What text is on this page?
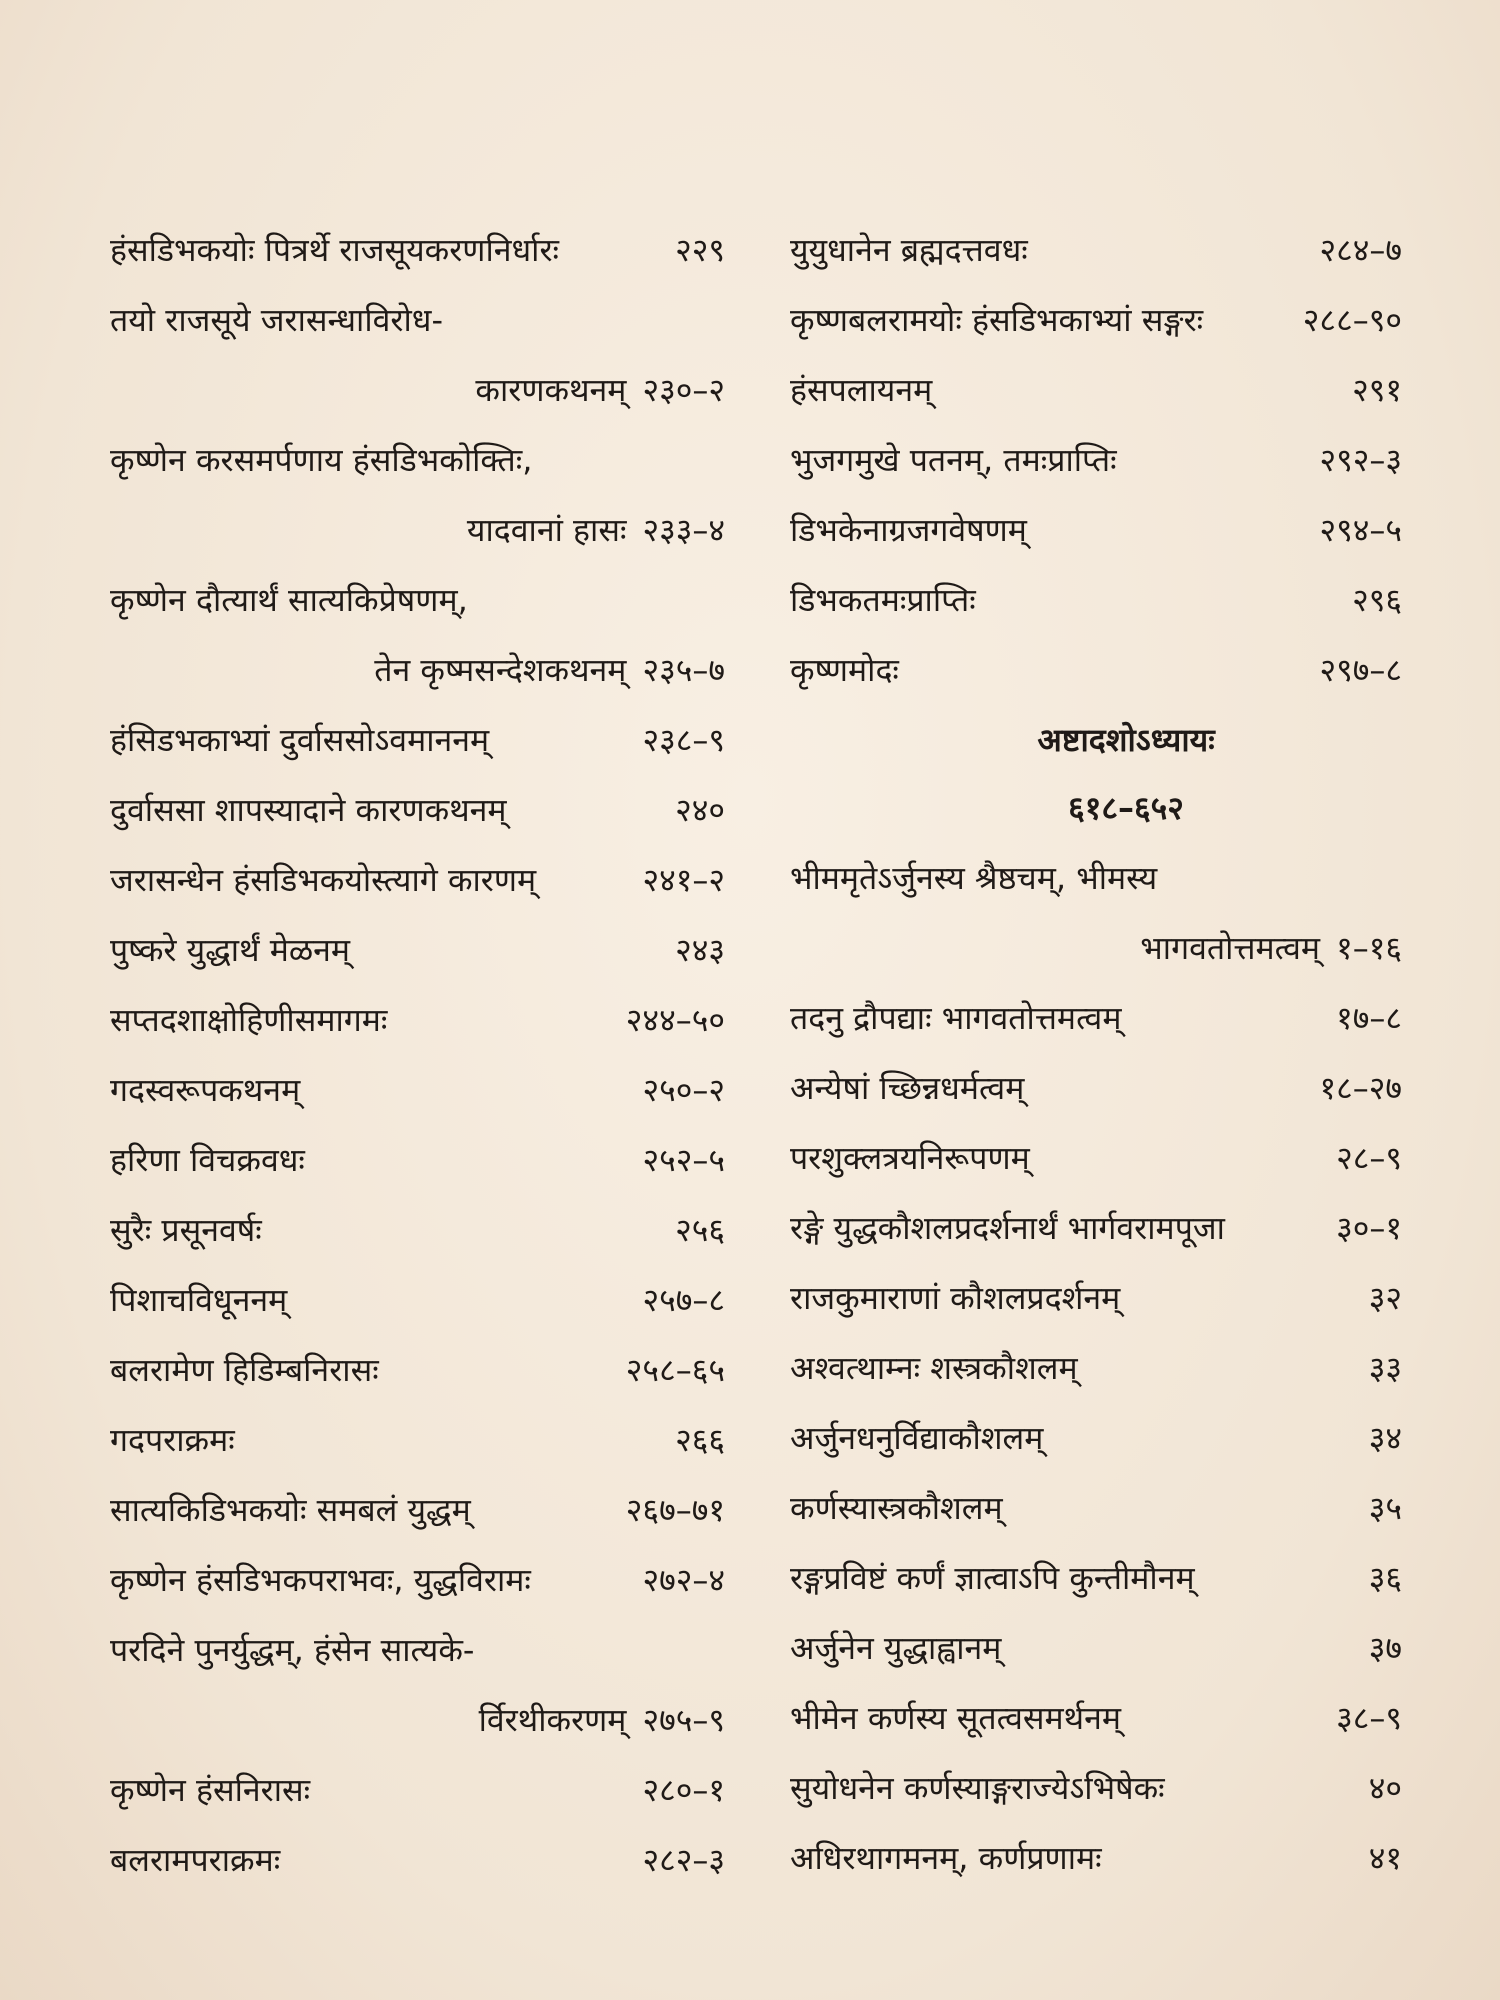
हंसडिभकयोः पित्रर्थे राजसूयकरणनिर्धारः	२२९
तयो राजसूये जरासन्धाविरोध-
कारणकथनम् २३०–२
कृष्णेन करसमर्पणाय हंसडिभकोक्तिः,
यादवानां हासः २३३–४
कृष्णेन दौत्यार्थं सात्यकिप्रेषणम्,
तेन कृष्मसन्देशकथनम् २३५–७
हंसिडभकाभ्यां दुर्वाससोऽवमाननम्	२३८–९
दुर्वाससा शापस्यादाने कारणकथनम्	२४०
जरासन्धेन हंसडिभकयोस्त्यागे कारणम्	२४१–२
पुष्करे युद्धार्थं मेळनम्	२४३
सप्तदशाक्षोहिणीसमागमः	२४४–५०
गदस्वरूपकथनम्	२५०–२
हरिणा विचक्रवधः	२५२–५
सुरैः प्रसूनवर्षः	२५६
पिशाचविधूननम्	२५७–८
बलरामेण हिडिम्बनिरासः	२५८–६५
गदपराक्रमः	२६६
सात्यकिडिभकयोः समबलं युद्धम्	२६७–७१
कृष्णेन हंसडिभकपराभवः, युद्धविरामः	२७२–४
परदिने पुनर्युद्धम्, हंसेन सात्यके-
र्विरथीकरणम् २७५–९
कृष्णेन हंसनिरासः	२८०–१
बलरामपराक्रमः	२८२–३
युयुधानेन ब्रह्मदत्तवधः	२८४–७
कृष्णबलरामयोः हंसडिभकाभ्यां सङ्गरः	२८८–९०
हंसपलायनम्	२९१
भुजगमुखे पतनम्, तमःप्राप्तिः	२९२–३
डिभकेनाग्रजगवेषणम्	२९४–५
डिभकतमःप्राप्तिः	२९६
कृष्णमोदः	२९७–८
अष्टादशोऽध्यायः
६१८–६५२
भीममृतेऽर्जुनस्य श्रैष्ठचम्, भीमस्य
भागवतोत्तमत्वम् १–१६
तदनु द्रौपद्याः भागवतोत्तमत्वम्	१७–८
अन्येषां च्छिन्नधर्मत्वम्	१८–२७
परशुक्लत्रयनिरूपणम्	२८–९
रङ्गे युद्धकौशलप्रदर्शनार्थं भार्गवरामपूजा	३०–१
राजकुमाराणां कौशलप्रदर्शनम्	३२
अश्वत्थाम्नः शस्त्रकौशलम्	३३
अर्जुनधनुर्विद्याकौशलम्	३४
कर्णस्यास्त्रकौशलम्	३५
रङ्गप्रविष्टं कर्णं ज्ञात्वाऽपि कुन्तीमौनम्	३६
अर्जुनेन युद्धाह्वानम्	३७
भीमेन कर्णस्य सूतत्वसमर्थनम्	३८–९
सुयोधनेन कर्णस्याङ्गराज्येऽभिषेकः	४०
अधिरथागमनम्, कर्णप्रणामः	४१
